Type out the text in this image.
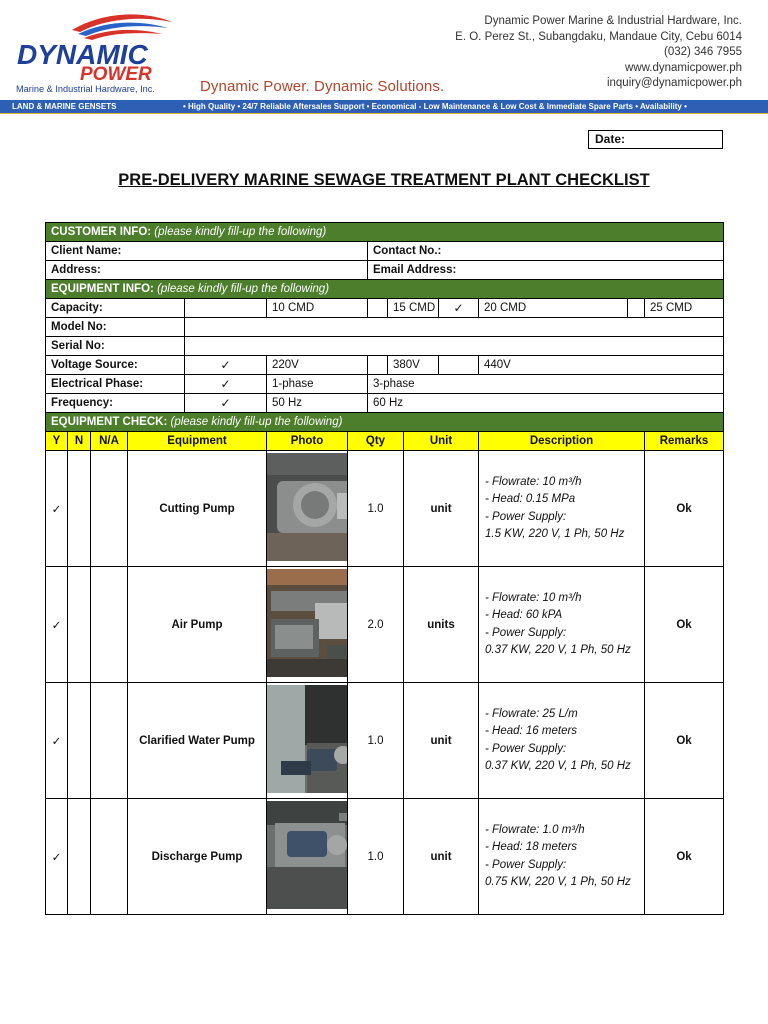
DYNAMIC
POWER
Marine & Industrial Hardware, Inc.	Dynamic Power. Dynamic Solutions.
Dynamic Power Marine & Industrial Hardware, Inc.
E. O. Perez St., Subangdaku, Mandaue City, Cebu 6014
(032) 346 7955
www.dynamicpower.ph
inquiry@dynamicpower.ph
LAND & MARINE GENSETS	• High Quality • 24/7 Reliable Aftersales Support • Economical - Low Maintenance & Low Cost & Immediate Spare Parts • Availability •
Date:
PRE-DELIVERY MARINE SEWAGE TREATMENT PLANT CHECKLIST
CUSTOMER INFO: (please kindly fill-up the following)													
Client Name:							Contact No.:						
Address:							Email Address:						
EQUIPMENT INFO: (please kindly fill-up the following)													
Capacity:					10 CMD			15 CMD		✓	20 CMD		25 CMD
Model No:													
Serial No:													
Voltage Source:				✓	220V			380V			440V		
Electrical Phase:				✓	1-phase		3-phase						
Frequency:				✓	50 Hz		60 Hz						
EQUIPMENT CHECK: (please kindly fill-up the following)													
Y	N	N/A	Equipment		Photo	Qty			Unit		Description		Remarks
✓			Cutting Pump			1.0			unit		- Flowrate: 10 m³/h
- Head: 0.15 MPa
- Power Supply:
1.5 KW, 220 V, 1 Ph, 50 Hz		Ok
✓			Air Pump			2.0			units		- Flowrate: 10 m³/h
- Head: 60 kPA
- Power Supply:
0.37 KW, 220 V, 1 Ph, 50 Hz		Ok
✓			Clarified Water Pump			1.0			unit		- Flowrate: 25 L/m
- Head: 16 meters
- Power Supply:
0.37 KW, 220 V, 1 Ph, 50 Hz		Ok
✓			Discharge Pump			1.0			unit		- Flowrate: 1.0 m³/h
- Head: 18 meters
- Power Supply:
0.75 KW, 220 V, 1 Ph, 50 Hz		Ok
